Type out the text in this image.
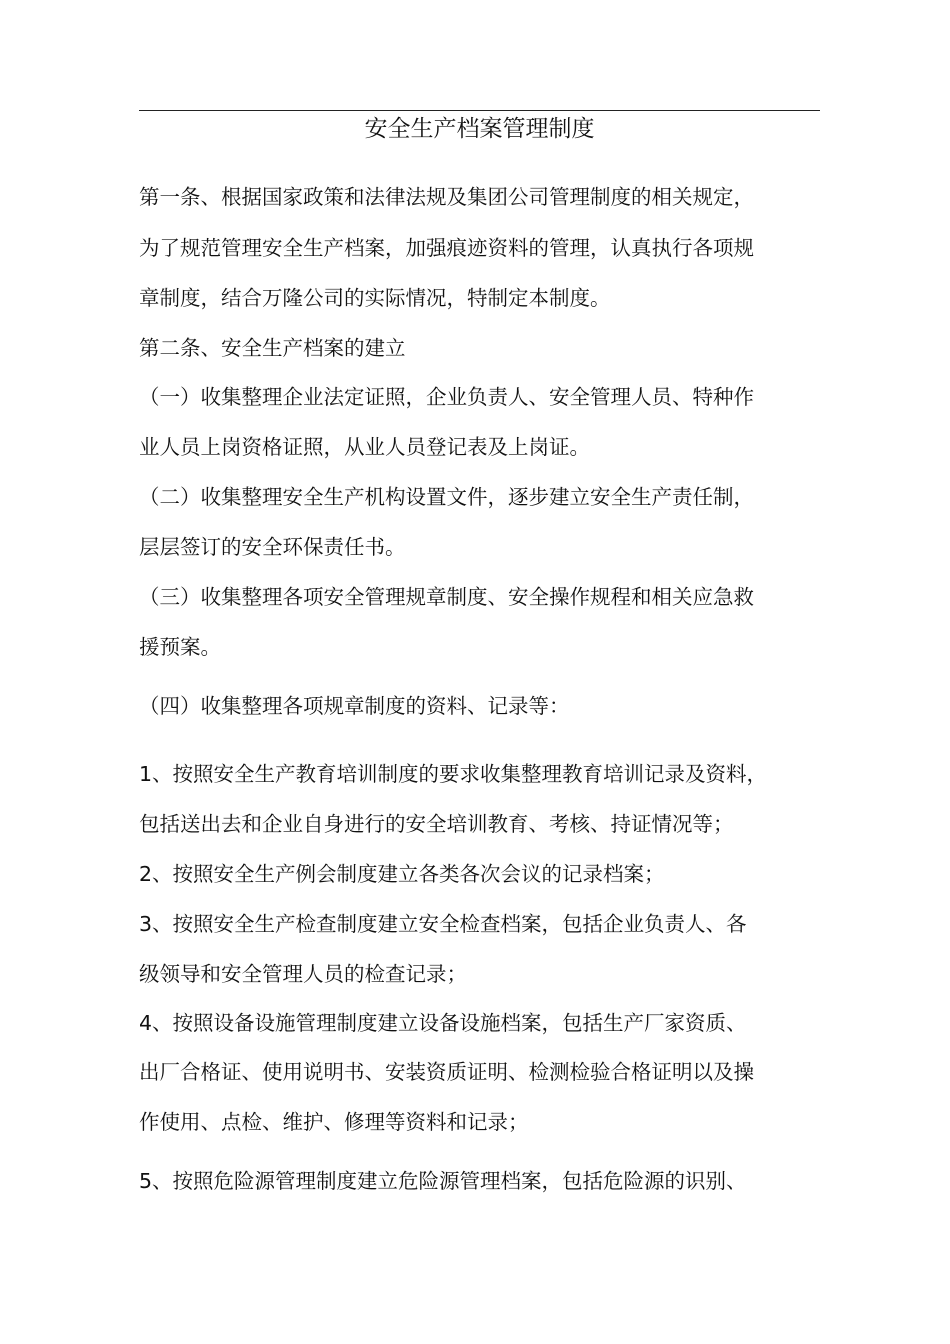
安全生产档案管理制度
第一条、根据国家政策和法律法规及集团公司管理制度的相关规定，
为了规范管理安全生产档案，加强痕迹资料的管理，认真执行各项规
章制度，结合万隆公司的实际情况，特制定本制度。
第二条、安全生产档案的建立
（一）收集整理企业法定证照，企业负责人、安全管理人员、特种作
业人员上岗资格证照，从业人员登记表及上岗证。
（二）收集整理安全生产机构设置文件，逐步建立安全生产责任制，
层层签订的安全环保责任书。
（三）收集整理各项安全管理规章制度、安全操作规程和相关应急救
援预案。
（四）收集整理各项规章制度的资料、记录等：
1、按照安全生产教育培训制度的要求收集整理教育培训记录及资料，
包括送出去和企业自身进行的安全培训教育、考核、持证情况等；
2、按照安全生产例会制度建立各类各次会议的记录档案；
3、按照安全生产检查制度建立安全检查档案，包括企业负责人、各
级领导和安全管理人员的检查记录；
4、按照设备设施管理制度建立设备设施档案，包括生产厂家资质、
出厂合格证、使用说明书、安装资质证明、检测检验合格证明以及操
作使用、点检、维护、修理等资料和记录；
5、按照危险源管理制度建立危险源管理档案，包括危险源的识别、
